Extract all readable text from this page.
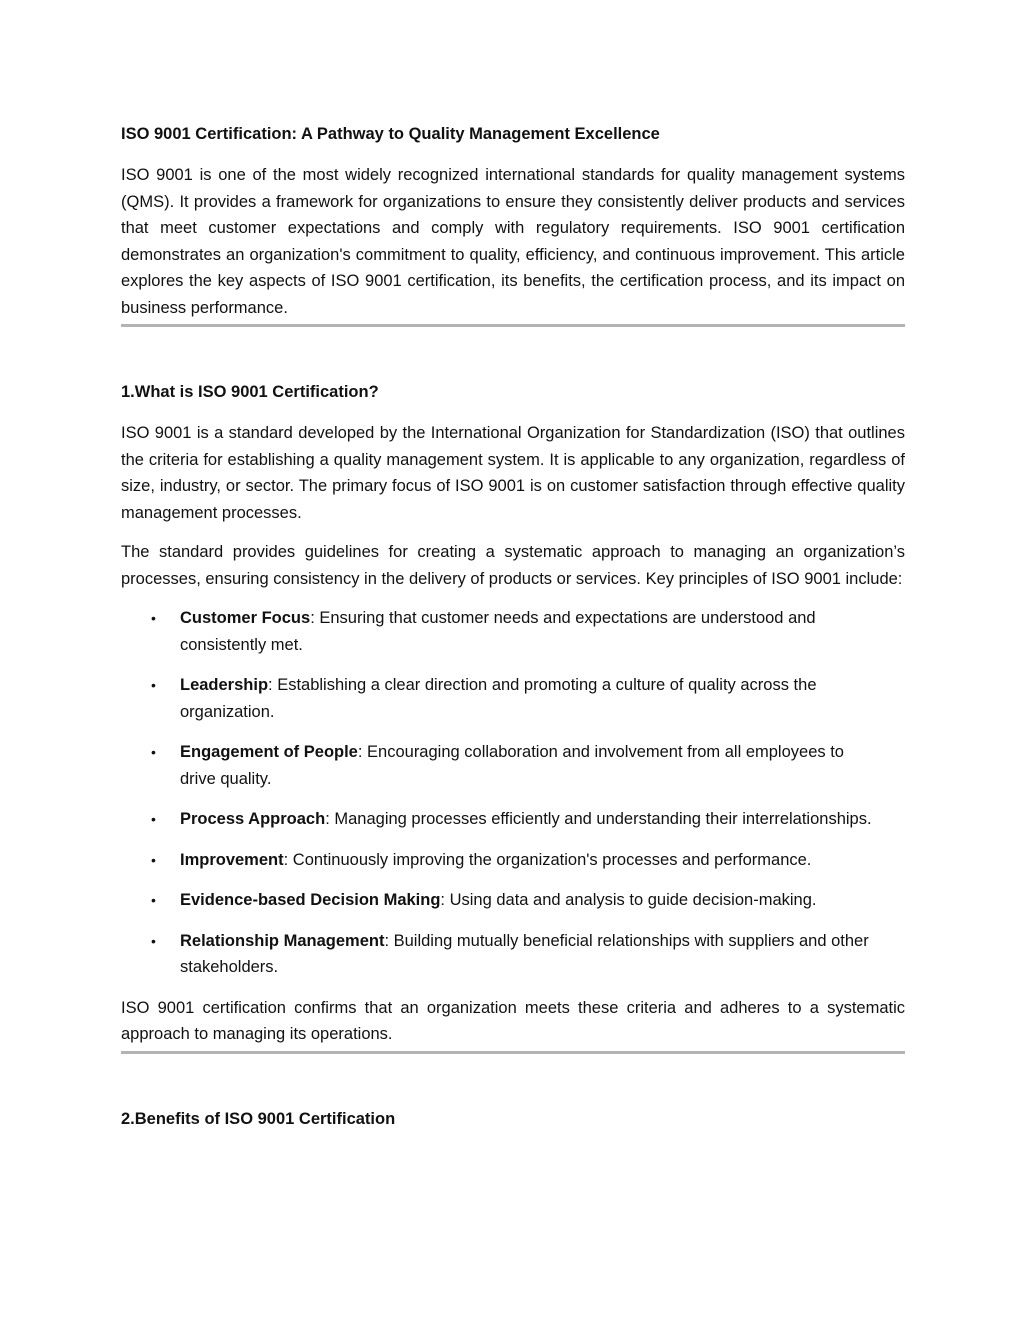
ISO 9001 Certification: A Pathway to Quality Management Excellence

ISO 9001 is one of the most widely recognized international standards for quality management systems (QMS). It provides a framework for organizations to ensure they consistently deliver products and services that meet customer expectations and comply with regulatory requirements. ISO 9001 certification demonstrates an organization's commitment to quality, efficiency, and continuous improvement. This article explores the key aspects of ISO 9001 certification, its benefits, the certification process, and its impact on business performance.

1.What is ISO 9001 Certification?

ISO 9001 is a standard developed by the International Organization for Standardization (ISO) that outlines the criteria for establishing a quality management system. It is applicable to any organization, regardless of size, industry, or sector. The primary focus of ISO 9001 is on customer satisfaction through effective quality management processes.

The standard provides guidelines for creating a systematic approach to managing an organization’s processes, ensuring consistency in the delivery of products or services. Key principles of ISO 9001 include:

• Customer Focus: Ensuring that customer needs and expectations are understood and consistently met.
• Leadership: Establishing a clear direction and promoting a culture of quality across the organization.
• Engagement of People: Encouraging collaboration and involvement from all employees to drive quality.
• Process Approach: Managing processes efficiently and understanding their interrelationships.
• Improvement: Continuously improving the organization's processes and performance.
• Evidence-based Decision Making: Using data and analysis to guide decision-making.
• Relationship Management: Building mutually beneficial relationships with suppliers and other stakeholders.

ISO 9001 certification confirms that an organization meets these criteria and adheres to a systematic approach to managing its operations.

2.Benefits of ISO 9001 Certification
